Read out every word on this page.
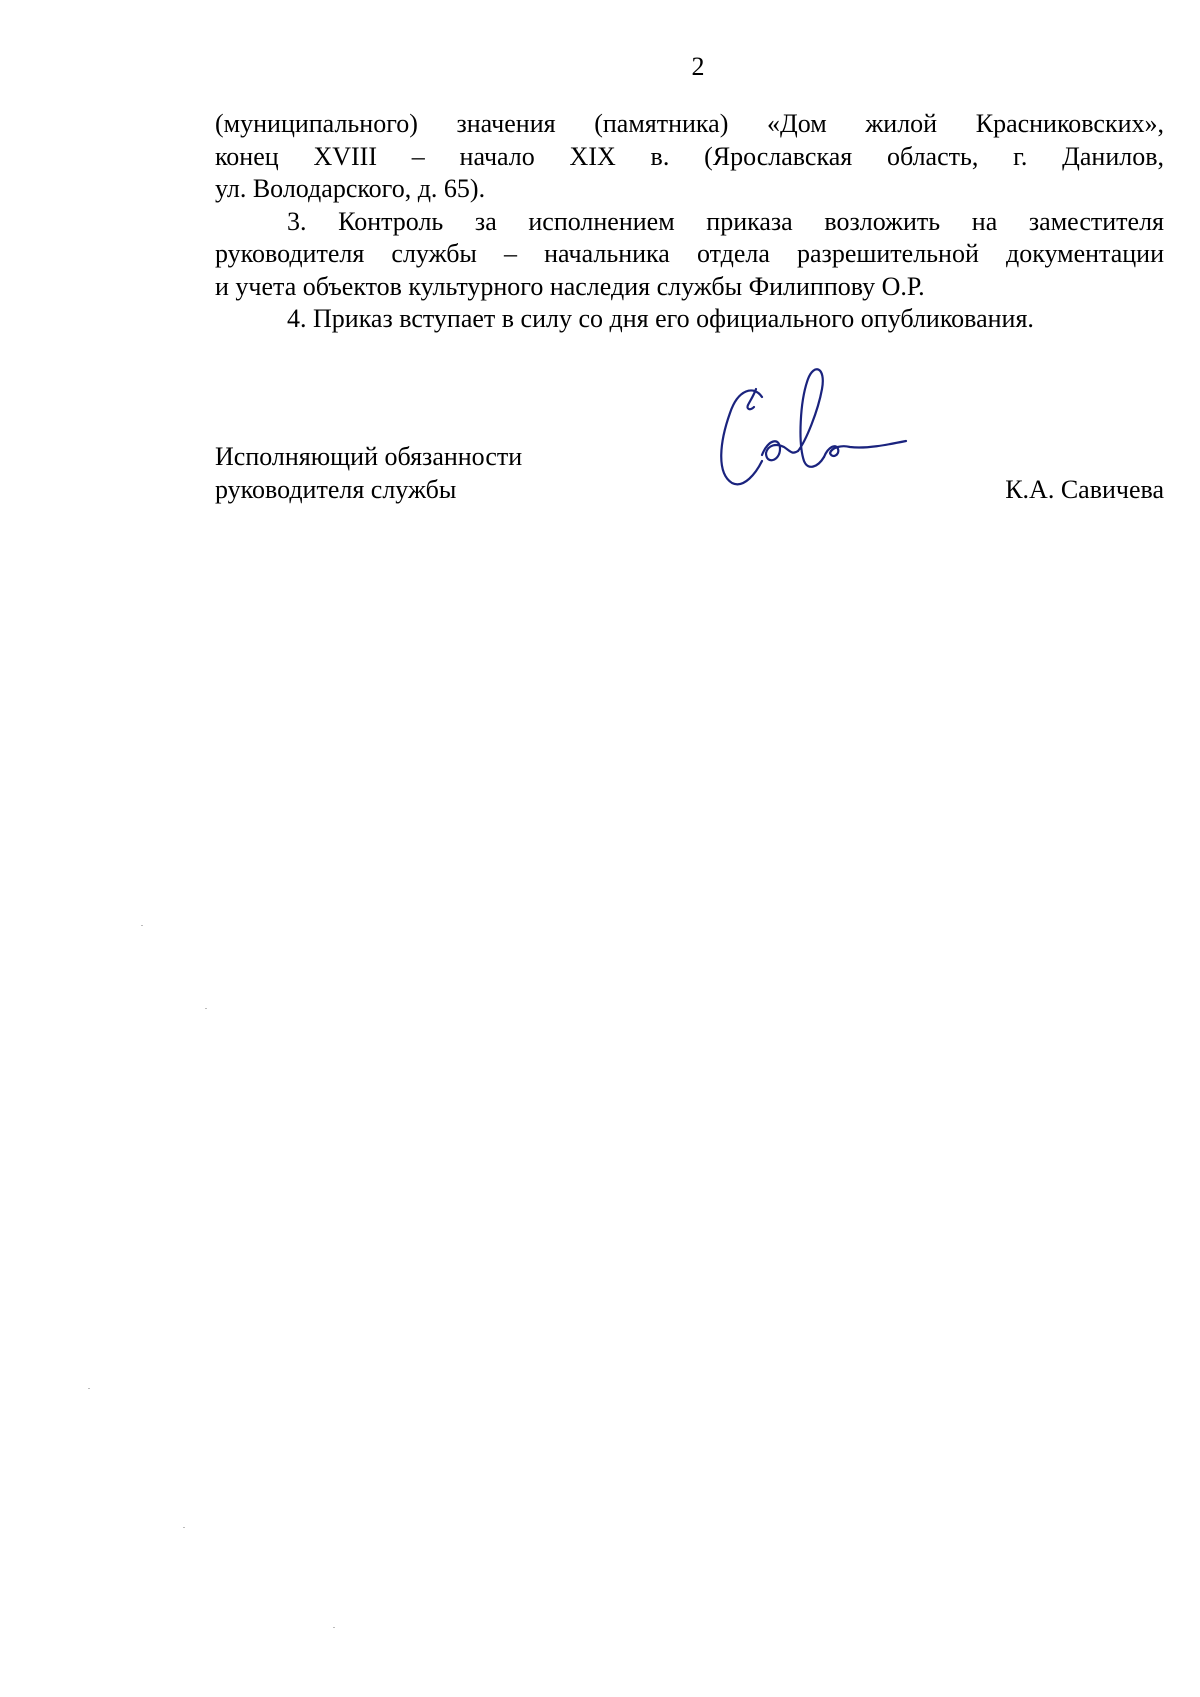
2
(муниципального) значения (памятника) «Дом жилой Красниковских»,
конец XVIII – начало XIX в. (Ярославская область, г. Данилов,
ул. Володарского, д. 65).
3. Контроль за исполнением приказа возложить на заместителя
руководителя службы – начальника отдела разрешительной документации
и учета объектов культурного наследия службы Филиппову О.Р.
4. Приказ вступает в силу со дня его официального опубликования.
Исполняющий обязанности
руководителя службы	К.А. Савичева
